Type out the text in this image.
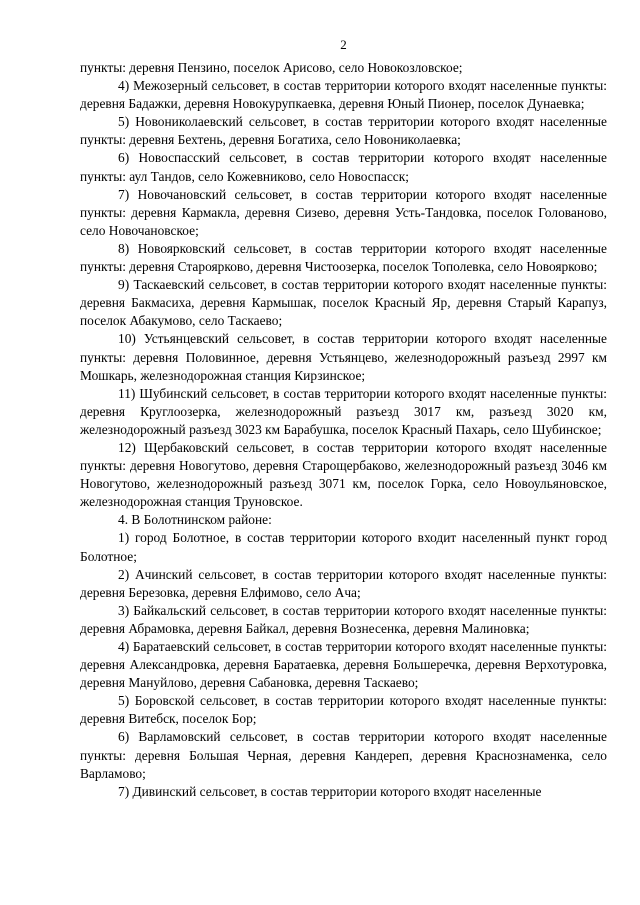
2

пункты: деревня Пензино, поселок Арисово, село Новокозловское;

4) Межозерный сельсовет, в состав территории которого входят населенные пункты: деревня Бадажки, деревня Новокурупкаевка, деревня Юный Пионер, поселок Дунаевка;

5) Новониколаевский сельсовет, в состав территории которого входят населенные пункты: деревня Бехтень, деревня Богатиха, село Новониколаевка;

6) Новоспасский сельсовет, в состав территории которого входят населенные пункты: аул Тандов, село Кожевниково, село Новоспасск;

7) Новочановский сельсовет, в состав территории которого входят населенные пункты: деревня Кармакла, деревня Сизево, деревня Усть-Тандовка, поселок Голованово, село Новочановское;

8) Новоярковский сельсовет, в состав территории которого входят населенные пункты: деревня Староярково, деревня Чистоозерка, поселок Тополевка, село Новоярково;

9) Таскаевский сельсовет, в состав территории которого входят населенные пункты: деревня Бакмасиха, деревня Кармышак, поселок Красный Яр, деревня Старый Карапуз, поселок Абакумово, село Таскаево;

10) Устьянцевский сельсовет, в состав территории которого входят населенные пункты: деревня Половинное, деревня Устьянцево, железнодорожный разъезд 2997 км Мошкарь, железнодорожная станция Кирзинское;

11) Шубинский сельсовет, в состав территории которого входят населенные пункты: деревня Круглоозерка, железнодорожный разъезд 3017 км, разъезд 3020 км, железнодорожный разъезд 3023 км Барабушка, поселок Красный Пахарь, село Шубинское;

12) Щербаковский сельсовет, в состав территории которого входят населенные пункты: деревня Новогутово, деревня Старощербаково, железнодорожный разъезд 3046 км Новогутово, железнодорожный разъезд 3071 км, поселок Горка, село Новоульяновское, железнодорожная станция Труновское.

4. В Болотнинском районе:

1) город Болотное, в состав территории которого входит населенный пункт город Болотное;

2) Ачинский сельсовет, в состав территории которого входят населенные пункты: деревня Березовка, деревня Елфимово, село Ача;

3) Байкальский сельсовет, в состав территории которого входят населенные пункты: деревня Абрамовка, деревня Байкал, деревня Вознесенка, деревня Малиновка;

4) Баратаевский сельсовет, в состав территории которого входят населенные пункты: деревня Александровка, деревня Баратаевка, деревня Большеречка, деревня Верхотуровка, деревня Мануйлово, деревня Сабановка, деревня Таскаево;

5) Боровской сельсовет, в состав территории которого входят населенные пункты: деревня Витебск, поселок Бор;

6) Варламовский сельсовет, в состав территории которого входят населенные пункты: деревня Большая Черная, деревня Кандереп, деревня Краснознаменка, село Варламово;

7) Дивинский сельсовет, в состав территории которого входят населенные
